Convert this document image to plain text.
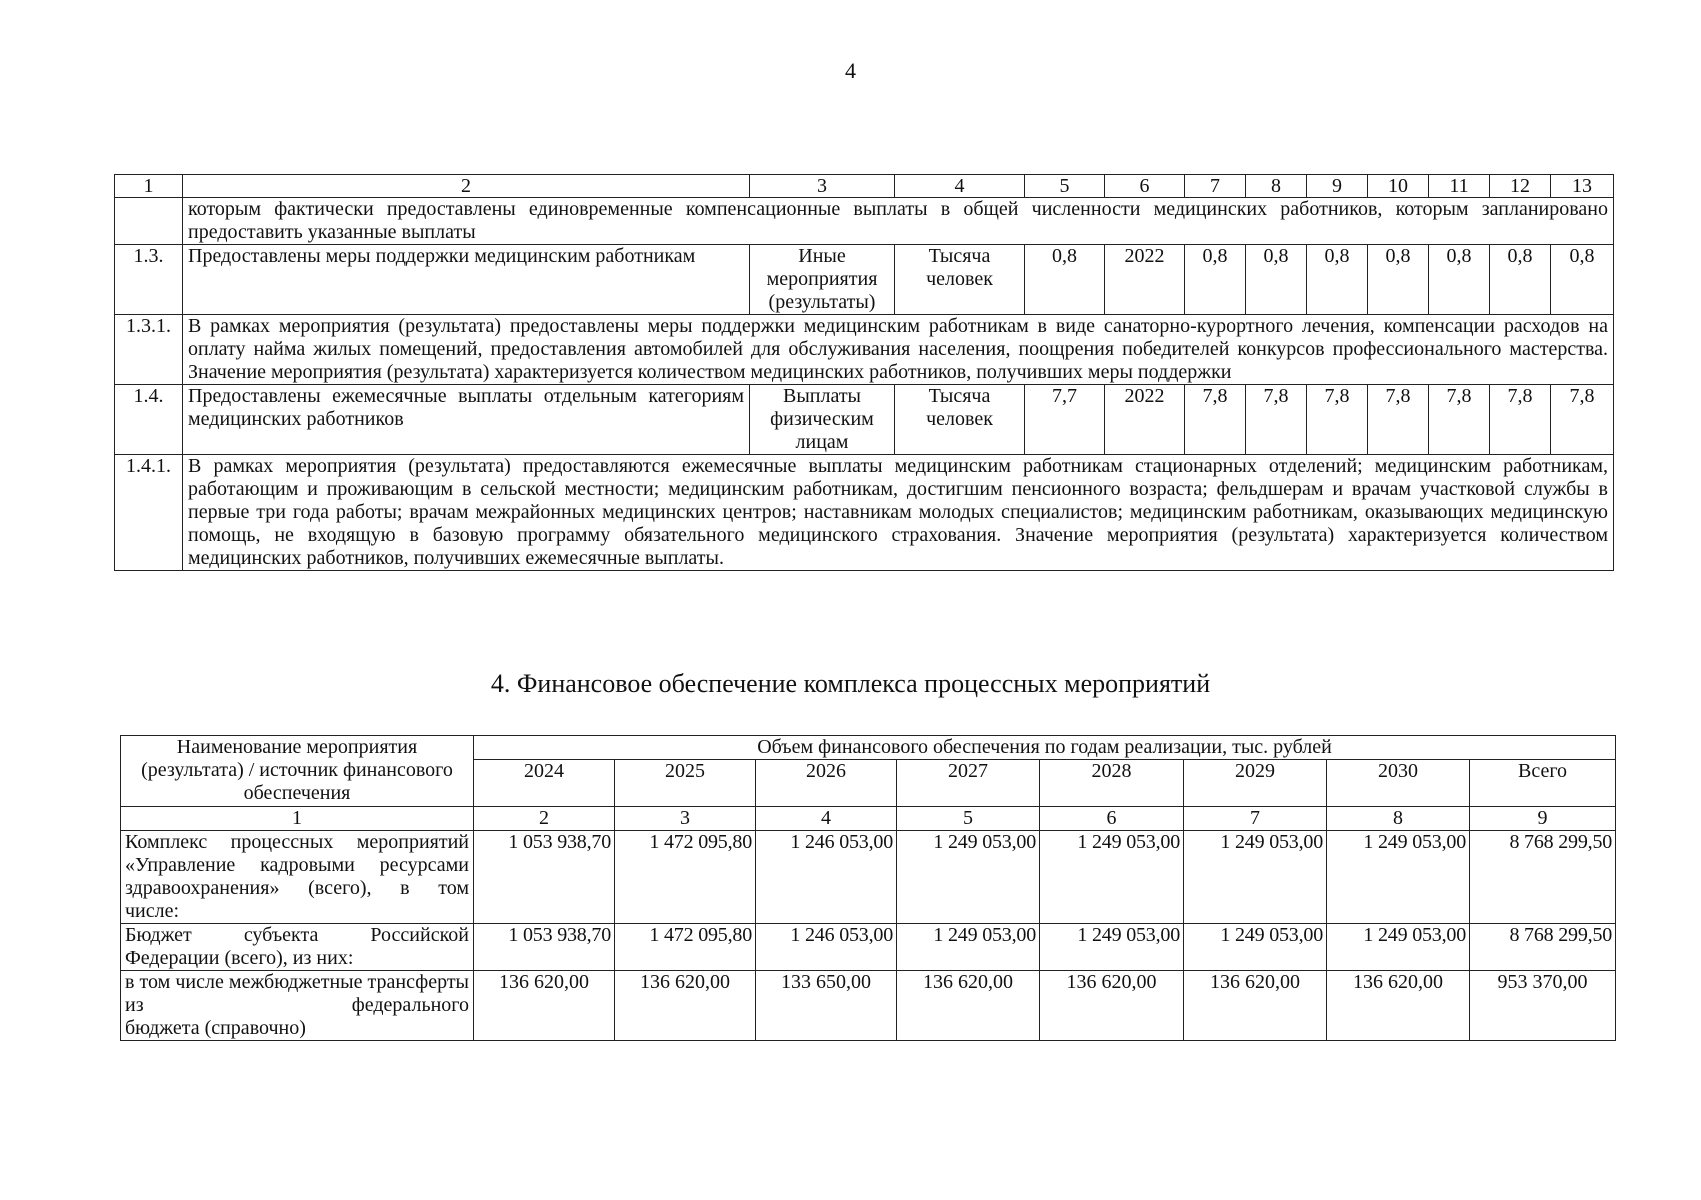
4
1	2	3	4	5	6	7	8	9	10	11	12	13
	которым фактически предоставлены единовременные компенсационные выплаты в общей численности медицинских работников, которым запланировано предоставить указанные выплаты											
1.3.	Предоставлены меры поддержки медицинским работникам	Иные мероприятия (результаты)	Тысяча человек	0,8	2022	0,8	0,8	0,8	0,8	0,8	0,8	0,8
1.3.1.	В рамках мероприятия (результата) предоставлены меры поддержки медицинским работникам в виде санаторно-курортного лечения, компенсации расходов на оплату найма жилых помещений, предоставления автомобилей для обслуживания населения, поощрения победителей конкурсов профессионального мастерства. Значение мероприятия (результата) характеризуется количеством медицинских работников, получивших меры поддержки											
1.4.	Предоставлены ежемесячные выплаты отдельным категориям медицинских работников	Выплаты физическим лицам	Тысяча человек	7,7	2022	7,8	7,8	7,8	7,8	7,8	7,8	7,8
1.4.1.	В рамках мероприятия (результата) предоставляются ежемесячные выплаты медицинским работникам стационарных отделений; медицинским работникам, работающим и проживающим в сельской местности; медицинским работникам, достигшим пенсионного возраста; фельдшерам и врачам участковой службы в первые три года работы; врачам межрайонных медицинских центров; наставникам молодых специалистов; медицинским работникам, оказывающих медицинскую помощь, не входящую в базовую программу обязательного медицинского страхования. Значение мероприятия (результата) характеризуется количеством медицинских работников, получивших ежемесячные выплаты.											
4. Финансовое обеспечение комплекса процессных мероприятий
Наименование мероприятия (результата) / источник финансового обеспечения	Объем финансового обеспечения по годам реализации, тыс. рублей							
	2024	2025	2026	2027	2028	2029	2030	Всего
1	2	3	4	5	6	7	8	9
Комплекс процессных мероприятий «Управление кадровыми ресурсами здравоохранения» (всего), в том
числе:	1 053 938,70	1 472 095,80	1 246 053,00	1 249 053,00	1 249 053,00	1 249 053,00	1 249 053,00	8 768 299,50
Бюджет субъекта Российской
Федерации (всего), из них:	1 053 938,70	1 472 095,80	1 246 053,00	1 249 053,00	1 249 053,00	1 249 053,00	1 249 053,00	8 768 299,50
в том числе межбюджетные трансферты из федерального
бюджета (справочно)	136 620,00	136 620,00	133 650,00	136 620,00	136 620,00	136 620,00	136 620,00	953 370,00
